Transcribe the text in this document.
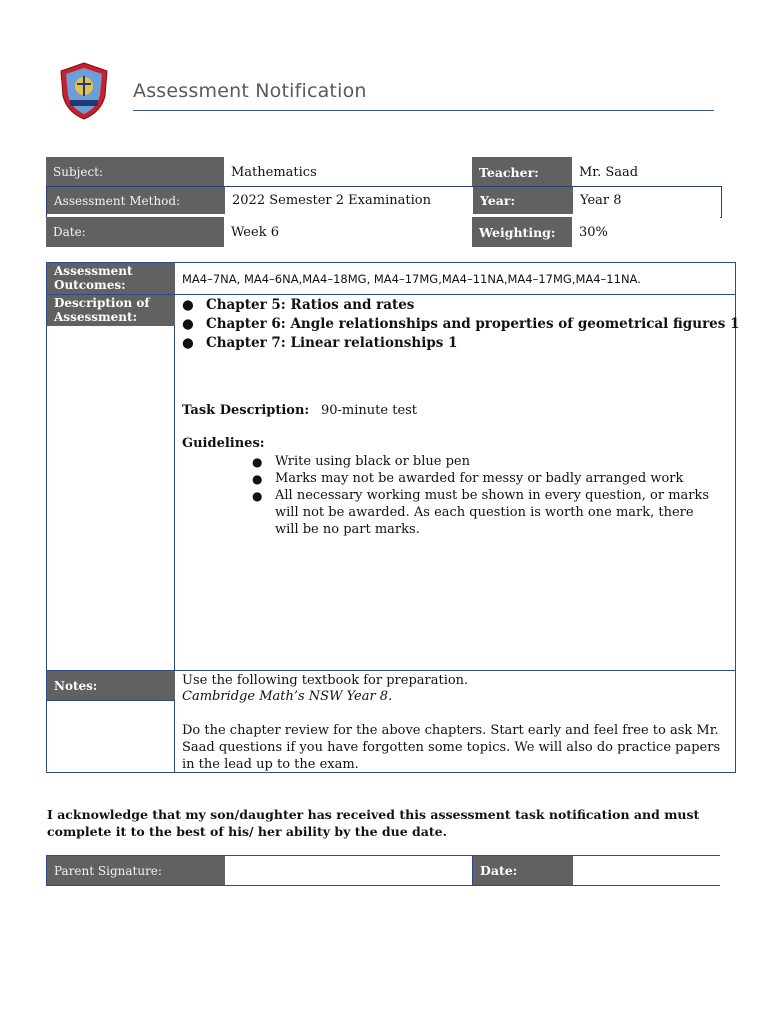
Assessment Notification
Subject:	Mathematics	Teacher:	Mr. Saad
Assessment Method:	2022 Semester 2 Examination	Year:	Year 8
Date:	Week 6	Weighting:	30%
Assessment
Outcomes:	MA4–7NA, MA4–6NA,MA4–18MG, MA4–17MG,MA4–11NA,MA4–17MG,MA4–11NA.
Description of
Assessment:
● Chapter 5: Ratios and rates
● Chapter 6: Angle relationships and properties of geometrical figures 1
● Chapter 7: Linear relationships 1
Task Description: 90-minute test
Guidelines:
● Write using black or blue pen
● Marks may not be awarded for messy or badly arranged work
● All necessary working must be shown in every question, or marks will not be awarded. As each question is worth one mark, there will be no part marks.
Notes:	Use the following textbook for preparation.
Cambridge Math’s NSW Year 8.
Do the chapter review for the above chapters. Start early and feel free to ask Mr. Saad questions if you have forgotten some topics. We will also do practice papers in the lead up to the exam.
I acknowledge that my son/daughter has received this assessment task notification and must complete it to the best of his/ her ability by the due date.
Parent Signature:	Date:
